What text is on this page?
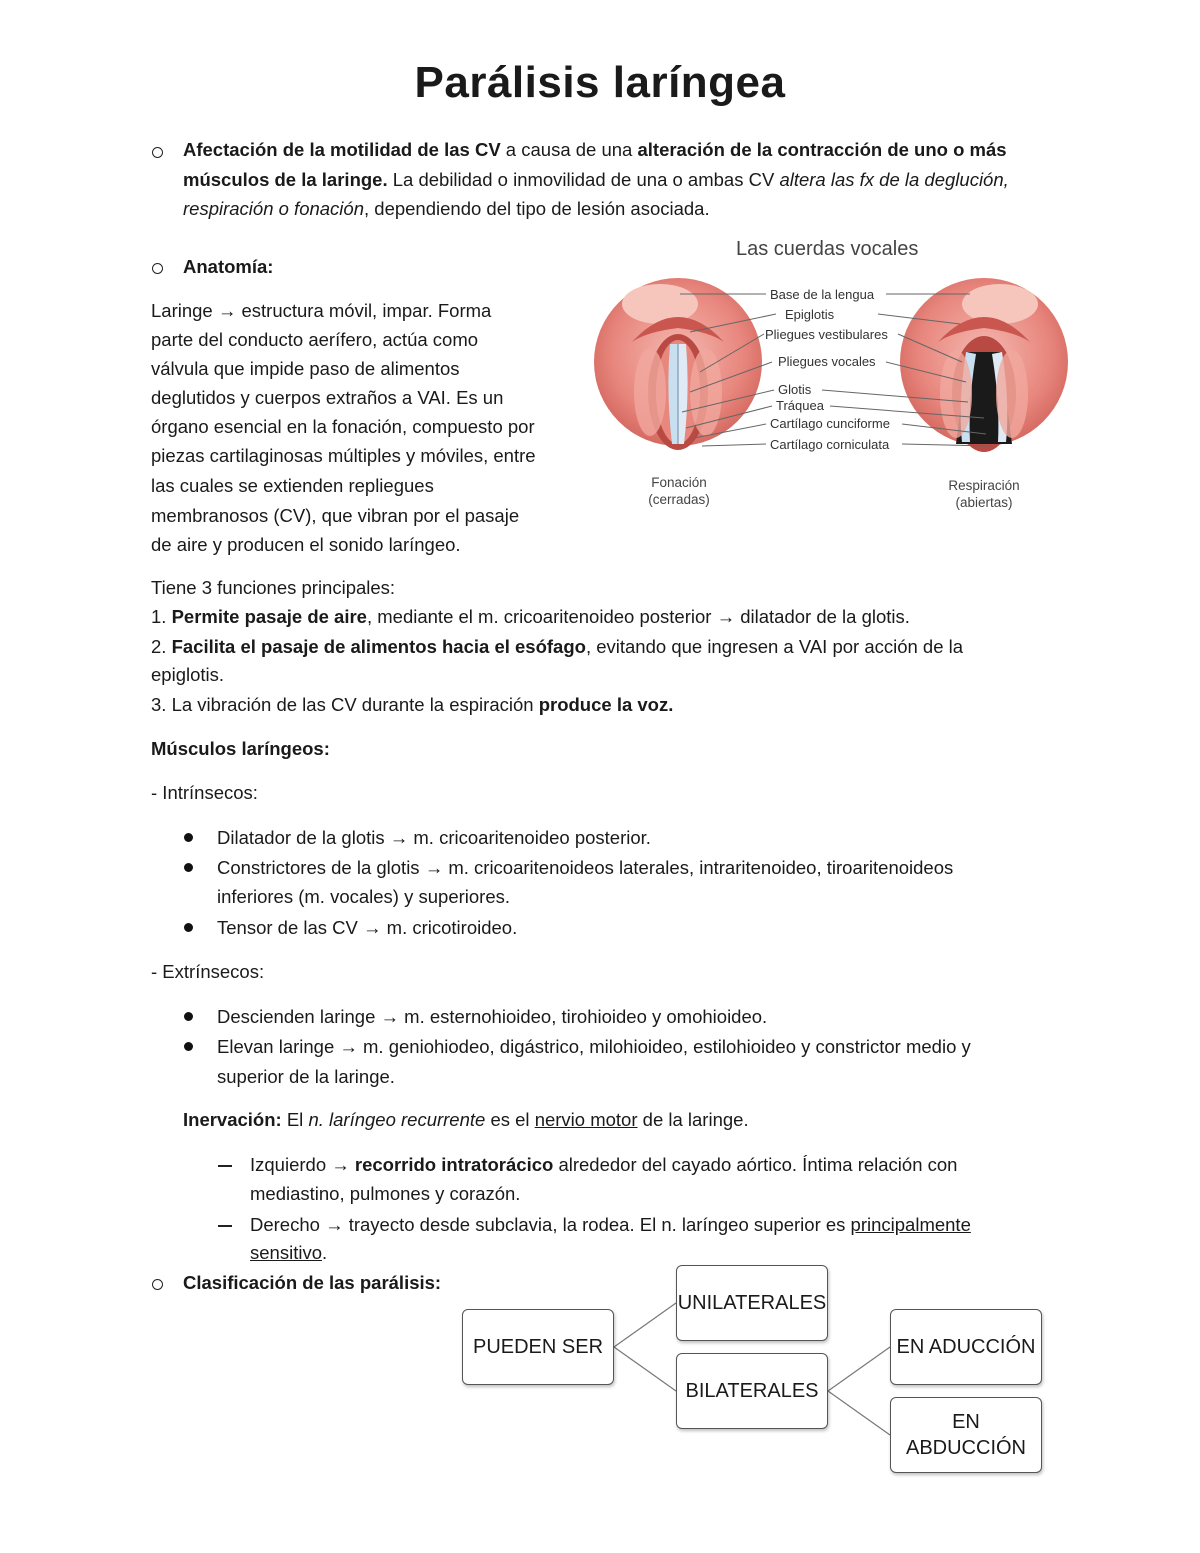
Parálisis laríngea
Afectación de la motilidad de las CV a causa de una alteración de la contracción de uno o más
músculos de la laringe. La debilidad o inmovilidad de una o ambas CV altera las fx de la deglución,
respiración o fonación, dependiendo del tipo de lesión asociada.
Anatomía:
Laringe → estructura móvil, impar. Forma
parte del conducto aerífero, actúa como
válvula que impide paso de alimentos
deglutidos y cuerpos extraños a VAI. Es un
órgano esencial en la fonación, compuesto por
piezas cartilaginosas múltiples y móviles, entre
las cuales se extienden repliegues
membranosos (CV), que vibran por el pasaje
de aire y producen el sonido laríngeo.
Las cuerdas vocales
Base de la lengua
Epiglotis
Pliegues vestibulares
Pliegues vocales
Glotis
Tráquea
Cartílago cunciforme
Cartílago corniculata
Fonación
(cerradas)
Respiración
(abiertas)
Tiene 3 funciones principales:
1. Permite pasaje de aire, mediante el m. cricoaritenoideo posterior → dilatador de la glotis.
2. Facilita el pasaje de alimentos hacia el esófago, evitando que ingresen a VAI por acción de la
epiglotis.
3. La vibración de las CV durante la espiración produce la voz.
Músculos laríngeos:
- Intrínsecos:
Dilatador de la glotis → m. cricoaritenoideo posterior.
Constrictores de la glotis → m. cricoaritenoideos laterales, intraritenoideo, tiroaritenoideos
inferiores (m. vocales) y superiores.
Tensor de las CV → m. cricotiroideo.
- Extrínsecos:
Descienden laringe → m. esternohioideo, tirohioideo y omohioideo.
Elevan laringe → m. geniohiodeo, digástrico, milohioideo, estilohioideo y constrictor medio y
superior de la laringe.
Inervación: El n. laríngeo recurrente es el nervio motor de la laringe.
Izquierdo → recorrido intratorácico alrededor del cayado aórtico. Íntima relación con
mediastino, pulmones y corazón.
Derecho → trayecto desde subclavia, la rodea. El n. laríngeo superior es principalmente
sensitivo.
Clasificación de las parálisis:
PUEDEN SER
UNILATERALES
BILATERALES
EN ADUCCIÓN
EN
ABDUCCIÓN
